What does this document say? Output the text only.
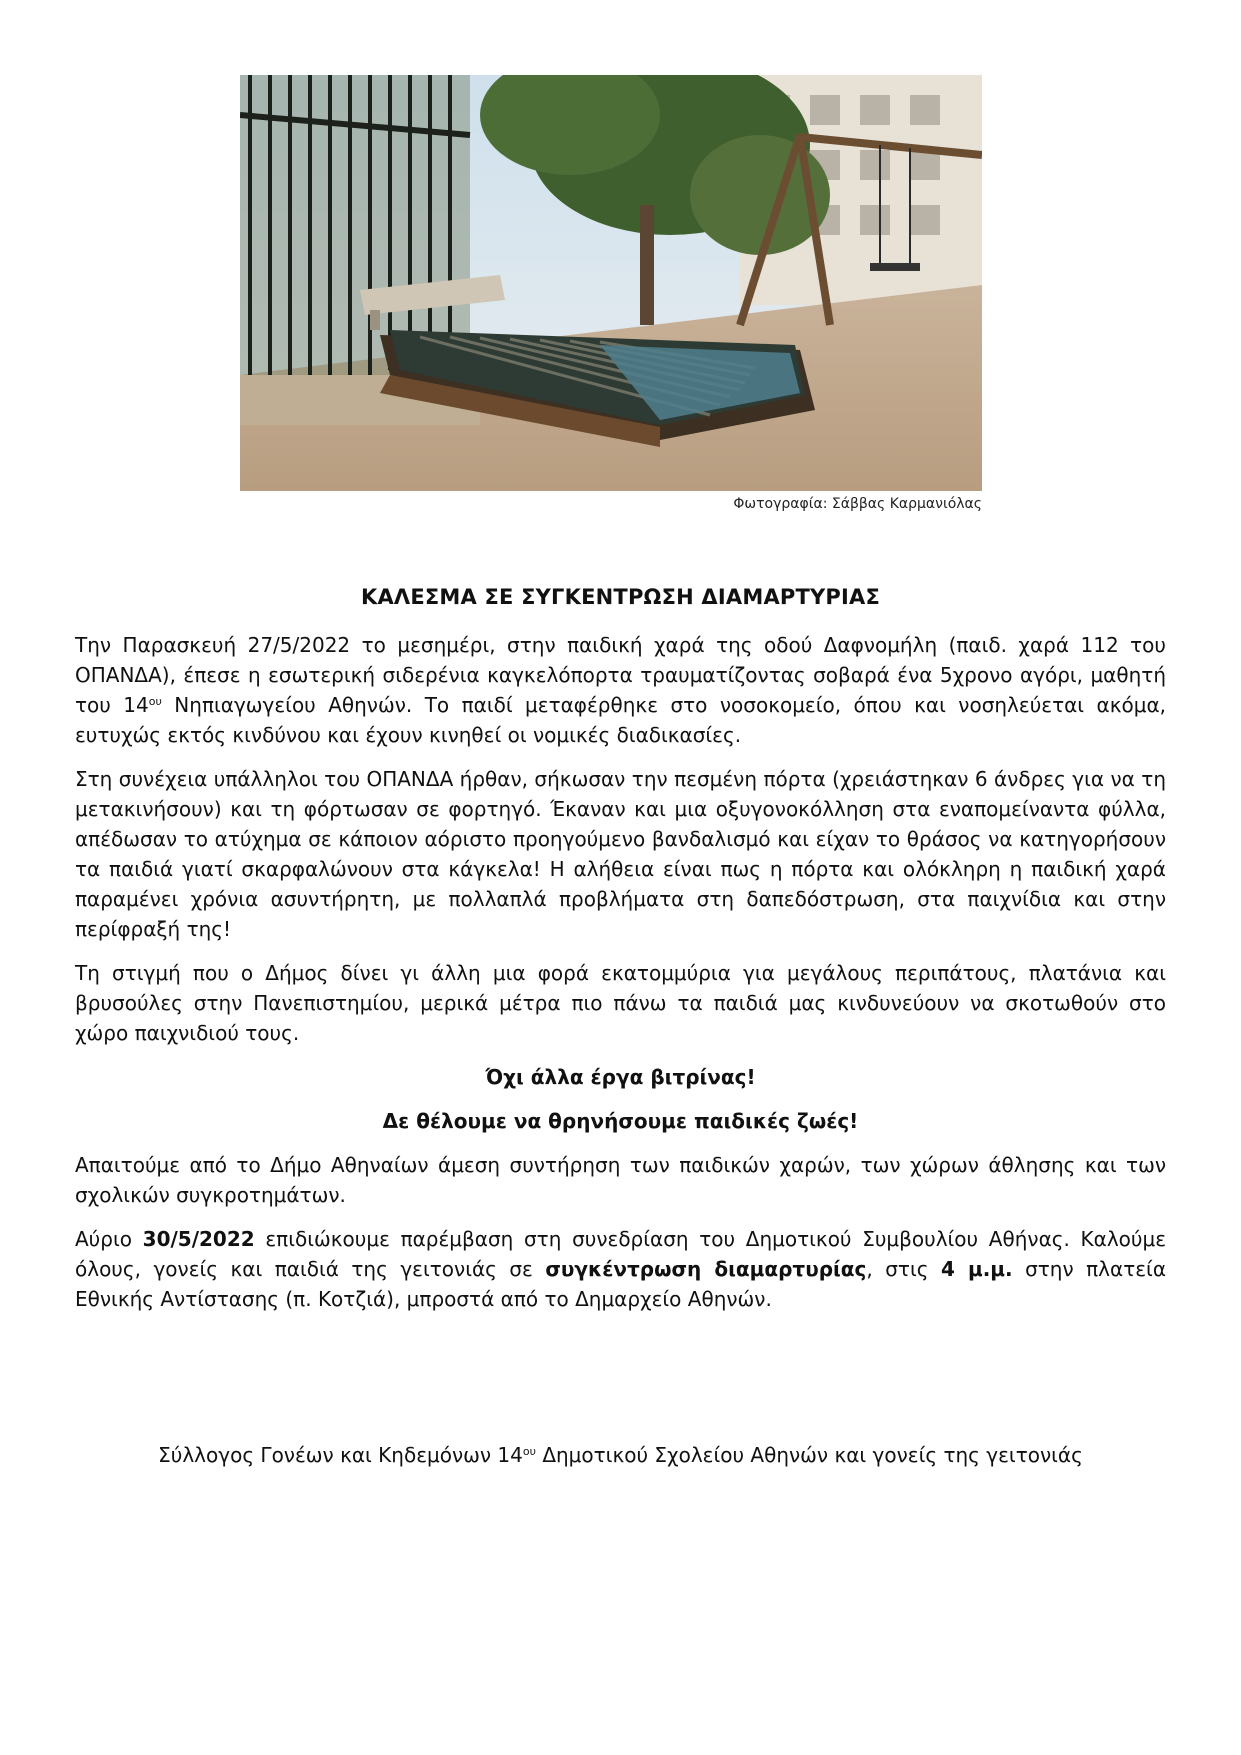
Φωτογραφία: Σάββας Καρμανιόλας
ΚΑΛΕΣΜΑ ΣΕ ΣΥΓΚΕΝΤΡΩΣΗ ΔΙΑΜΑΡΤΥΡΙΑΣ

Την Παρασκευή 27/5/2022 το μεσημέρι, στην παιδική χαρά της οδού Δαφνομήλη (παιδ. χαρά 112 του ΟΠΑΝΔΑ), έπεσε η εσωτερική σιδερένια καγκελόπορτα τραυματίζοντας σοβαρά ένα 5χρονο αγόρι, μαθητή του $14^{o\upsilon}$ Νηπιαγωγείου Αθηνών. Το παιδί μεταφέρθηκε στο νοσοκομείο, όπου και νοσηλεύεται ακόμα, ευτυχώς εκτός κινδύνου και έχουν κινηθεί οι νομικές διαδικασίες.

Στη συνέχεια υπάλληλοι του ΟΠΑΝΔΑ ήρθαν, σήκωσαν την πεσμένη πόρτα (χρειάστηκαν 6 άνδρες για να τη μετακινήσουν) και τη φόρτωσαν σε φορτηγό. Έκαναν και μια οξυγονοκόλληση στα εναπομείναντα φύλλα, απέδωσαν το ατύχημα σε κάποιον αόριστο προηγούμενο βανδαλισμό και είχαν το θράσος να κατηγορήσουν τα παιδιά γιατί σκαρφαλώνουν στα κάγκελα! Η αλήθεια είναι πως η πόρτα και ολόκληρη η παιδική χαρά παραμένει χρόνια ασυντήρητη, με πολλαπλά προβλήματα στη δαπεδόστρωση, στα παιχνίδια και στην περίφραξή της!

Τη στιγμή που ο Δήμος δίνει γι άλλη μια φορά εκατομμύρια για μεγάλους περιπάτους, πλατάνια και βρυσούλες στην Πανεπιστημίου, μερικά μέτρα πιο πάνω τα παιδιά μας κινδυνεύουν να σκοτωθούν στο χώρο παιχνιδιού τους.

Όχι άλλα έργα βιτρίνας!

Δε θέλουμε να θρηνήσουμε παιδικές ζωές!

Απαιτούμε από το Δήμο Αθηναίων άμεση συντήρηση των παιδικών χαρών, των χώρων άθλησης και των σχολικών συγκροτημάτων.

Αύριο 30/5/2022 επιδιώκουμε παρέμβαση στη συνεδρίαση του Δημοτικού Συμβουλίου Αθήνας. Καλούμε όλους, γονείς και παιδιά της γειτονιάς σε συγκέντρωση διαμαρτυρίας, στις 4 μ.μ. στην πλατεία Εθνικής Αντίστασης (π. Κοτζιά), μπροστά από το Δημαρχείο Αθηνών.

Σύλλογος Γονέων και Κηδεμόνων $14^{o\upsilon}$ Δημοτικού Σχολείου Αθηνών και γονείς της γειτονιάς
